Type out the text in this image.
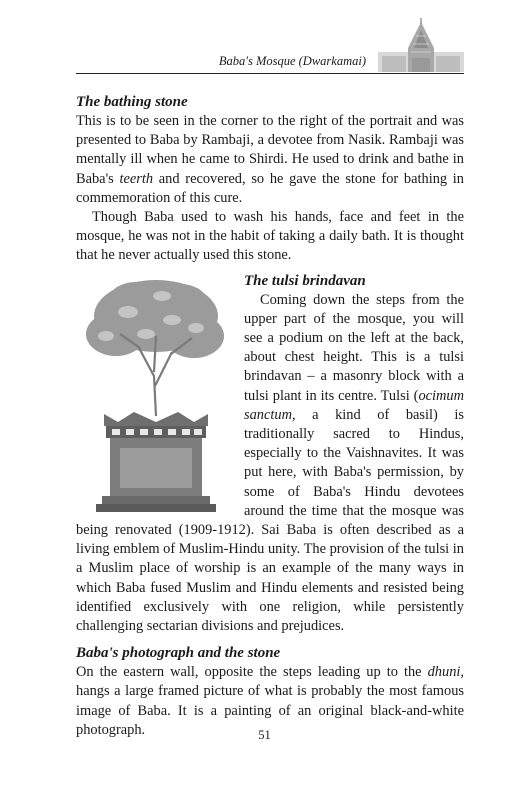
Baba's Mosque (Dwarkamai)
The bathing stone

This is to be seen in the corner to the right of the portrait and was presented to Baba by Rambaji, a devotee from Nasik. Rambaji was mentally ill when he came to Shirdi. He used to drink and bathe in Baba's teerth and recovered, so he gave the stone for bathing in commemoration of this cure.

Though Baba used to wash his hands, face and feet in the mosque, he was not in the habit of taking a daily bath. It is thought that he never actually used this stone.

The tulsi brindavan

Coming down the steps from the upper part of the mosque, you will see a podium on the left at the back, about chest height. This is a tulsi brindavan – a masonry block with a tulsi plant in its centre. Tulsi (ocimum sanctum, a kind of basil) is traditionally sacred to Hindus, especially to the Vaishnavites. It was put here, with Baba's permission, by some of Baba's Hindu devotees around the time that the mosque was being renovated (1909-1912). Sai Baba is often described as a living emblem of Muslim-Hindu unity. The provision of the tulsi in a Muslim place of worship is an example of the many ways in which Baba fused Muslim and Hindu elements and resisted being identified exclusively with one religion, while persistently challenging sectarian divisions and prejudices.

Baba's photograph and the stone

On the eastern wall, opposite the steps leading up to the dhuni, hangs a large framed picture of what is probably the most famous image of Baba. It is a painting of an original black-and-white photograph.	51
